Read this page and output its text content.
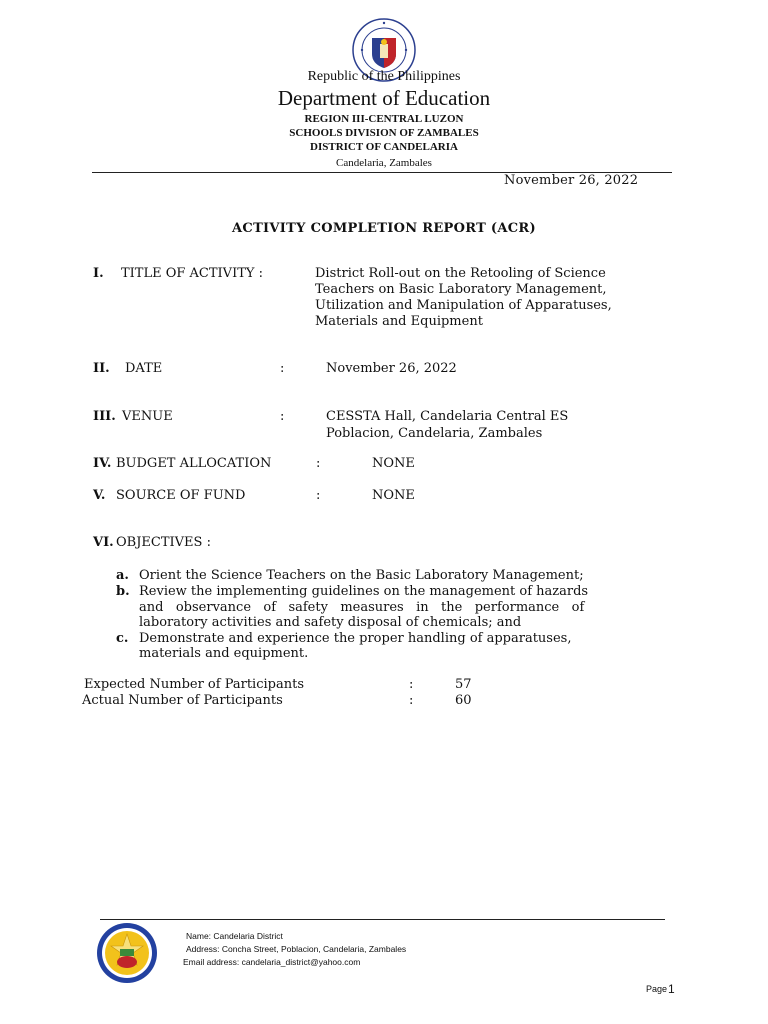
Republic of the Philippines
Department of Education
REGION III-CENTRAL LUZON
SCHOOLS DIVISION OF ZAMBALES
DISTRICT OF CANDELARIA
Candelaria, Zambales
November 26, 2022
ACTIVITY COMPLETION REPORT (ACR)
I. TITLE OF ACTIVITY :	District Roll-out on the Retooling of Science
Teachers on Basic Laboratory Management,
Utilization and Manipulation of Apparatuses,
Materials and Equipment
II. DATE	:	November 26, 2022
III. VENUE	:	CESSTA Hall, Candelaria Central ES
Poblacion, Candelaria, Zambales
IV. BUDGET ALLOCATION	:	NONE
V. SOURCE OF FUND	:	NONE
VI. OBJECTIVES :
a. Orient the Science Teachers on the Basic Laboratory Management;
b. Review the implementing guidelines on the management of hazards
and   observance   of   safety   measures   in   the   performance   of
laboratory activities and safety disposal of chemicals; and
c. Demonstrate and experience the proper handling of apparatuses,
materials and equipment.
Expected Number of Participants	:	57
Actual Number of Participants	:	60
Name: Candelaria District
Address: Concha Street, Poblacion, Candelaria, Zambales
Email address: candelaria_district@yahoo.com
Page 1
